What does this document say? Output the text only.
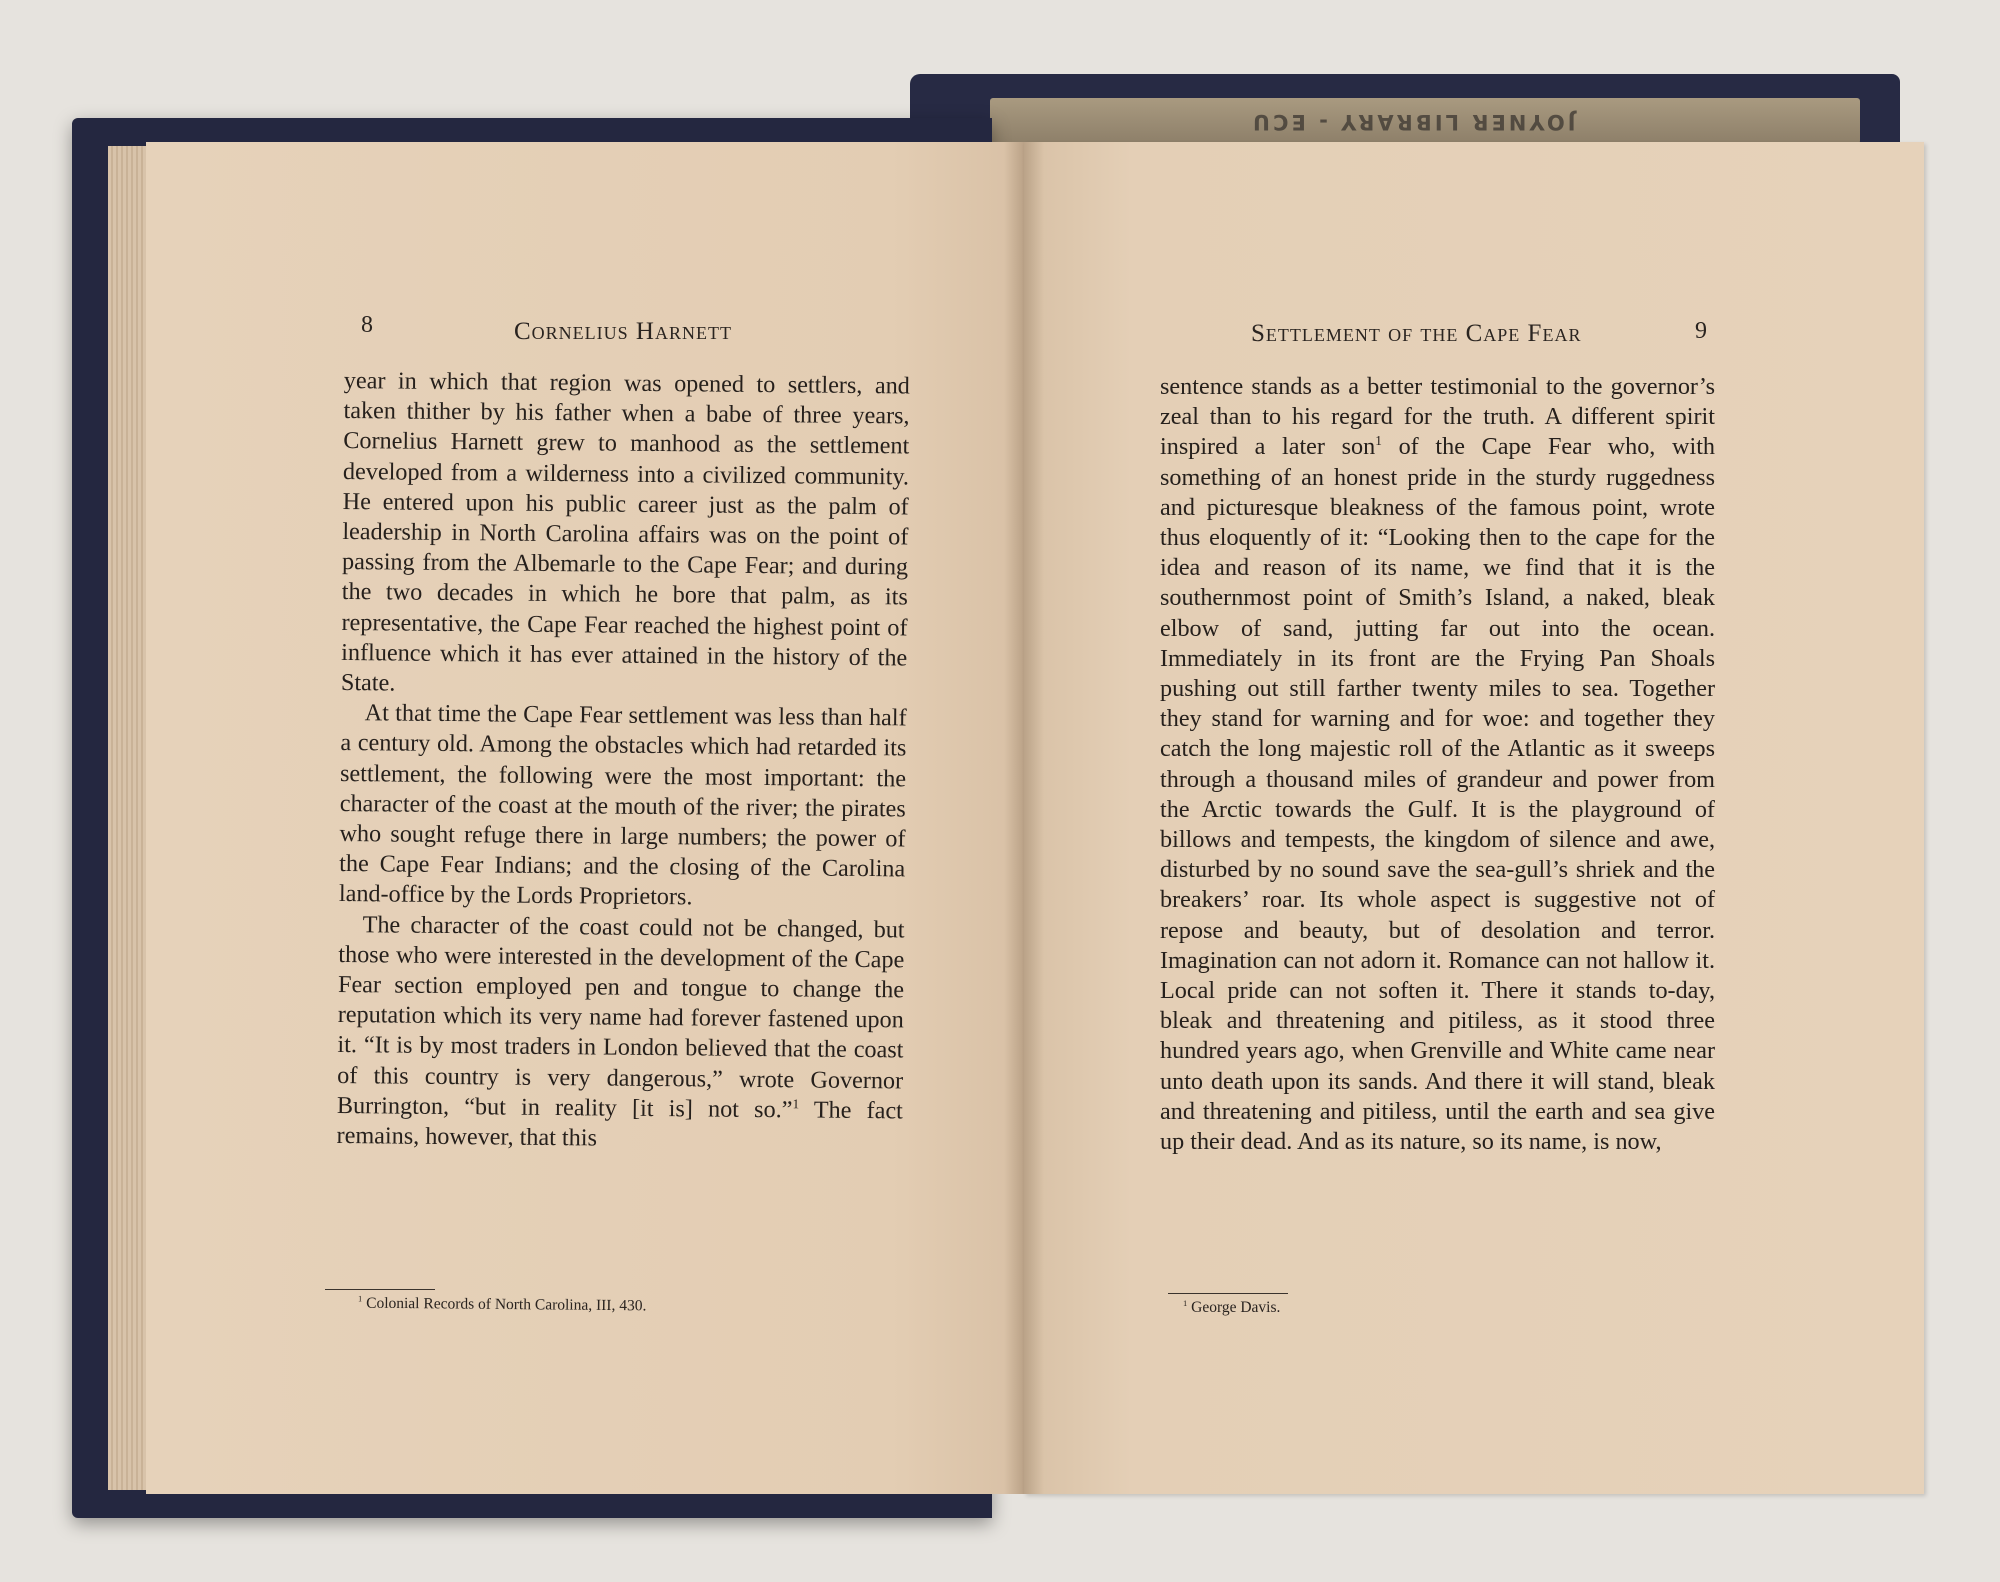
JOYNER LIBRARY - ECU
8	Cornelius Harnett	Settlement of the Cape Fear	9

year in which that region was opened to settlers, and taken thither by his father when a babe of three years, Cornelius Harnett grew to manhood as the settlement developed from a wilderness into a civilized community. He entered upon his public career just as the palm of leadership in North Carolina affairs was on the point of passing from the Albemarle to the Cape Fear; and during the two decades in which he bore that palm, as its representative, the Cape Fear reached the highest point of influence which it has ever attained in the history of the State.

At that time the Cape Fear settlement was less than half a century old. Among the obstacles which had retarded its settlement, the following were the most important: the character of the coast at the mouth of the river; the pirates who sought refuge there in large numbers; the power of the Cape Fear Indians; and the closing of the Carolina land-office by the Lords Proprietors.

The character of the coast could not be changed, but those who were interested in the development of the Cape Fear section employed pen and tongue to change the reputation which its very name had forever fastened upon it. “It is by most traders in London believed that the coast of this country is very dangerous,” wrote Governor Burrington, “but in reality [it is] not so.”$^1$ The fact remains, however, that this

$^1$ Colonial Records of North Carolina, III, 430.

sentence stands as a better testimonial to the governor’s zeal than to his regard for the truth. A different spirit inspired a later son$^1$ of the Cape Fear who, with something of an honest pride in the sturdy ruggedness and picturesque bleakness of the famous point, wrote thus eloquently of it: “Looking then to the cape for the idea and reason of its name, we find that it is the southernmost point of Smith’s Island, a naked, bleak elbow of sand, jutting far out into the ocean. Immediately in its front are the Frying Pan Shoals pushing out still farther twenty miles to sea. Together they stand for warning and for woe: and together they catch the long majestic roll of the Atlantic as it sweeps through a thousand miles of grandeur and power from the Arctic towards the Gulf. It is the playground of billows and tempests, the kingdom of silence and awe, disturbed by no sound save the sea-gull’s shriek and the breakers’ roar. Its whole aspect is suggestive not of repose and beauty, but of desolation and terror. Imagination can not adorn it. Romance can not hallow it. Local pride can not soften it. There it stands to-day, bleak and threatening and pitiless, as it stood three hundred years ago, when Grenville and White came near unto death upon its sands. And there it will stand, bleak and threatening and pitiless, until the earth and sea give up their dead. And as its nature, so its name, is now,

$^1$ George Davis.
